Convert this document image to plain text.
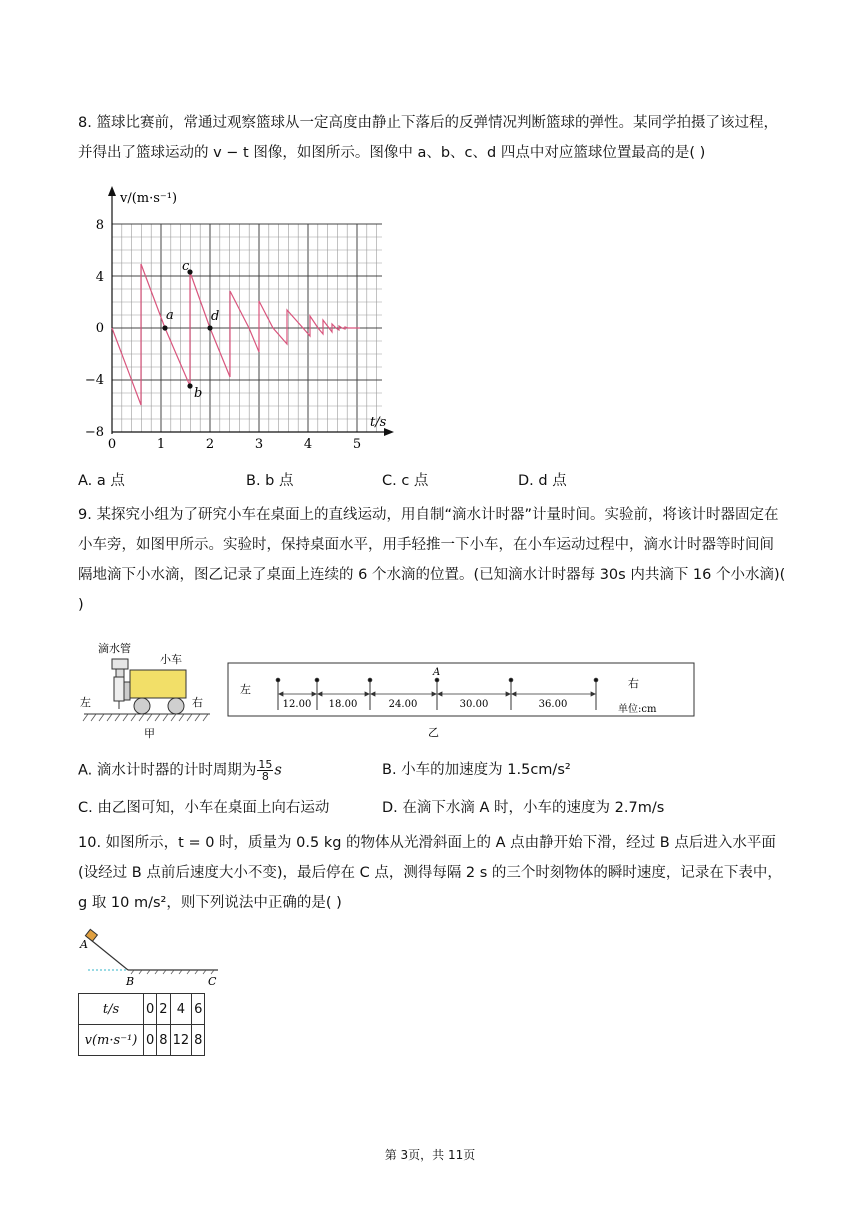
8. 篮球比赛前，常通过观察篮球从一定高度由静止下落后的反弹情况判断篮球的弹性。某同学拍摄了该过程，并得出了篮球运动的 v − t 图像，如图所示。图像中 a、b、c、d 四点中对应篮球位置最高的是( )

v/(m·s⁻¹)
t/s
8
4
0
−4
−8
0	1	2	3	4	5
a
b
c
d
A. a 点	B. b 点	C. c 点	D. d 点

9. 某探究小组为了研究小车在桌面上的直线运动，用自制“滴水计时器”计量时间。实验前，将该计时器固定在小车旁，如图甲所示。实验时，保持桌面水平，用手轻推一下小车，在小车运动过程中，滴水计时器等时间间隔地滴下小水滴，图乙记录了桌面上连续的 6 个水滴的位置。(已知滴水计时器每 30s 内共滴下 16 个小水滴)( )

滴水管
小车
左	右
甲
左	右
单位:cm
A
12.00 18.00	24.00	30.00	36.00
乙
A. 滴水计时器的计时周期为 $\frac{15}{8}$ s	B. 小车的加速度为 1.5cm/s²
C. 由乙图可知，小车在桌面上向右运动	D. 在滴下水滴 A 时，小车的速度为 2.7m/s

10. 如图所示，t = 0 时，质量为 0.5 kg 的物体从光滑斜面上的 A 点由静开始下滑，经过 B 点后进入水平面(设经过 B 点前后速度大小不变)，最后停在 C 点，测得每隔 2 s 的三个时刻物体的瞬时速度，记录在下表中，g 取 10 m/s²，则下列说法中正确的是( )

A
B	C
t/s	0	2	4	6
v(m·s⁻¹)	0	8	12	8
第 3页，共 11页
